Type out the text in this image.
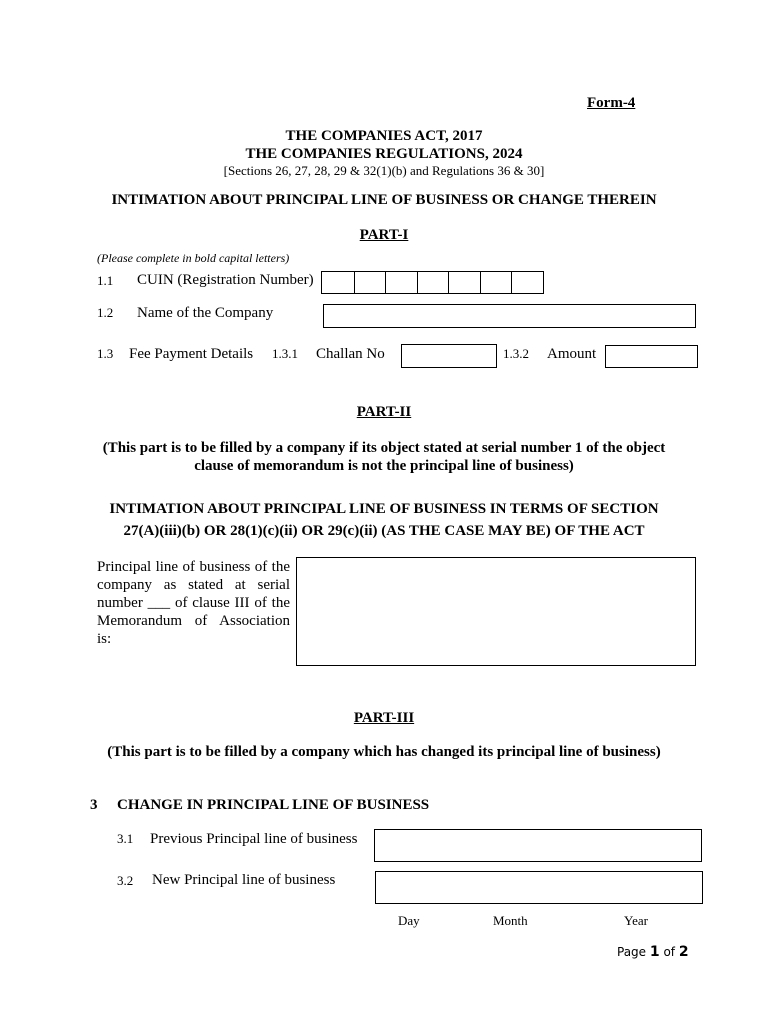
Form-4
THE COMPANIES ACT, 2017
THE COMPANIES REGULATIONS, 2024
[Sections 26, 27, 28, 29 & 32(1)(b) and Regulations 36 & 30]
INTIMATION ABOUT PRINCIPAL LINE OF BUSINESS OR CHANGE THEREIN
PART-I
(Please complete in bold capital letters)
1.1 CUIN (Registration Number)
1.2 Name of the Company
1.3 Fee Payment Details 1.3.1 Challan No	1.3.2 Amount
PART-II
(This part is to be filled by a company if its object stated at serial number 1 of the object
clause of memorandum is not the principal line of business)
INTIMATION ABOUT PRINCIPAL LINE OF BUSINESS IN TERMS OF SECTION
27(A)(iii)(b) OR 28(1)(c)(ii) OR 29(c)(ii) (AS THE CASE MAY BE) OF THE ACT
Principal line of business of the
company as stated at serial
number ___ of clause III of the
Memorandum of Association
is:
PART-III
(This part is to be filled by a company which has changed its principal line of business)
3 CHANGE IN PRINCIPAL LINE OF BUSINESS
3.1 Previous Principal line of business
3.2 New Principal line of business
Day	Month	Year
Page 1 of 2
